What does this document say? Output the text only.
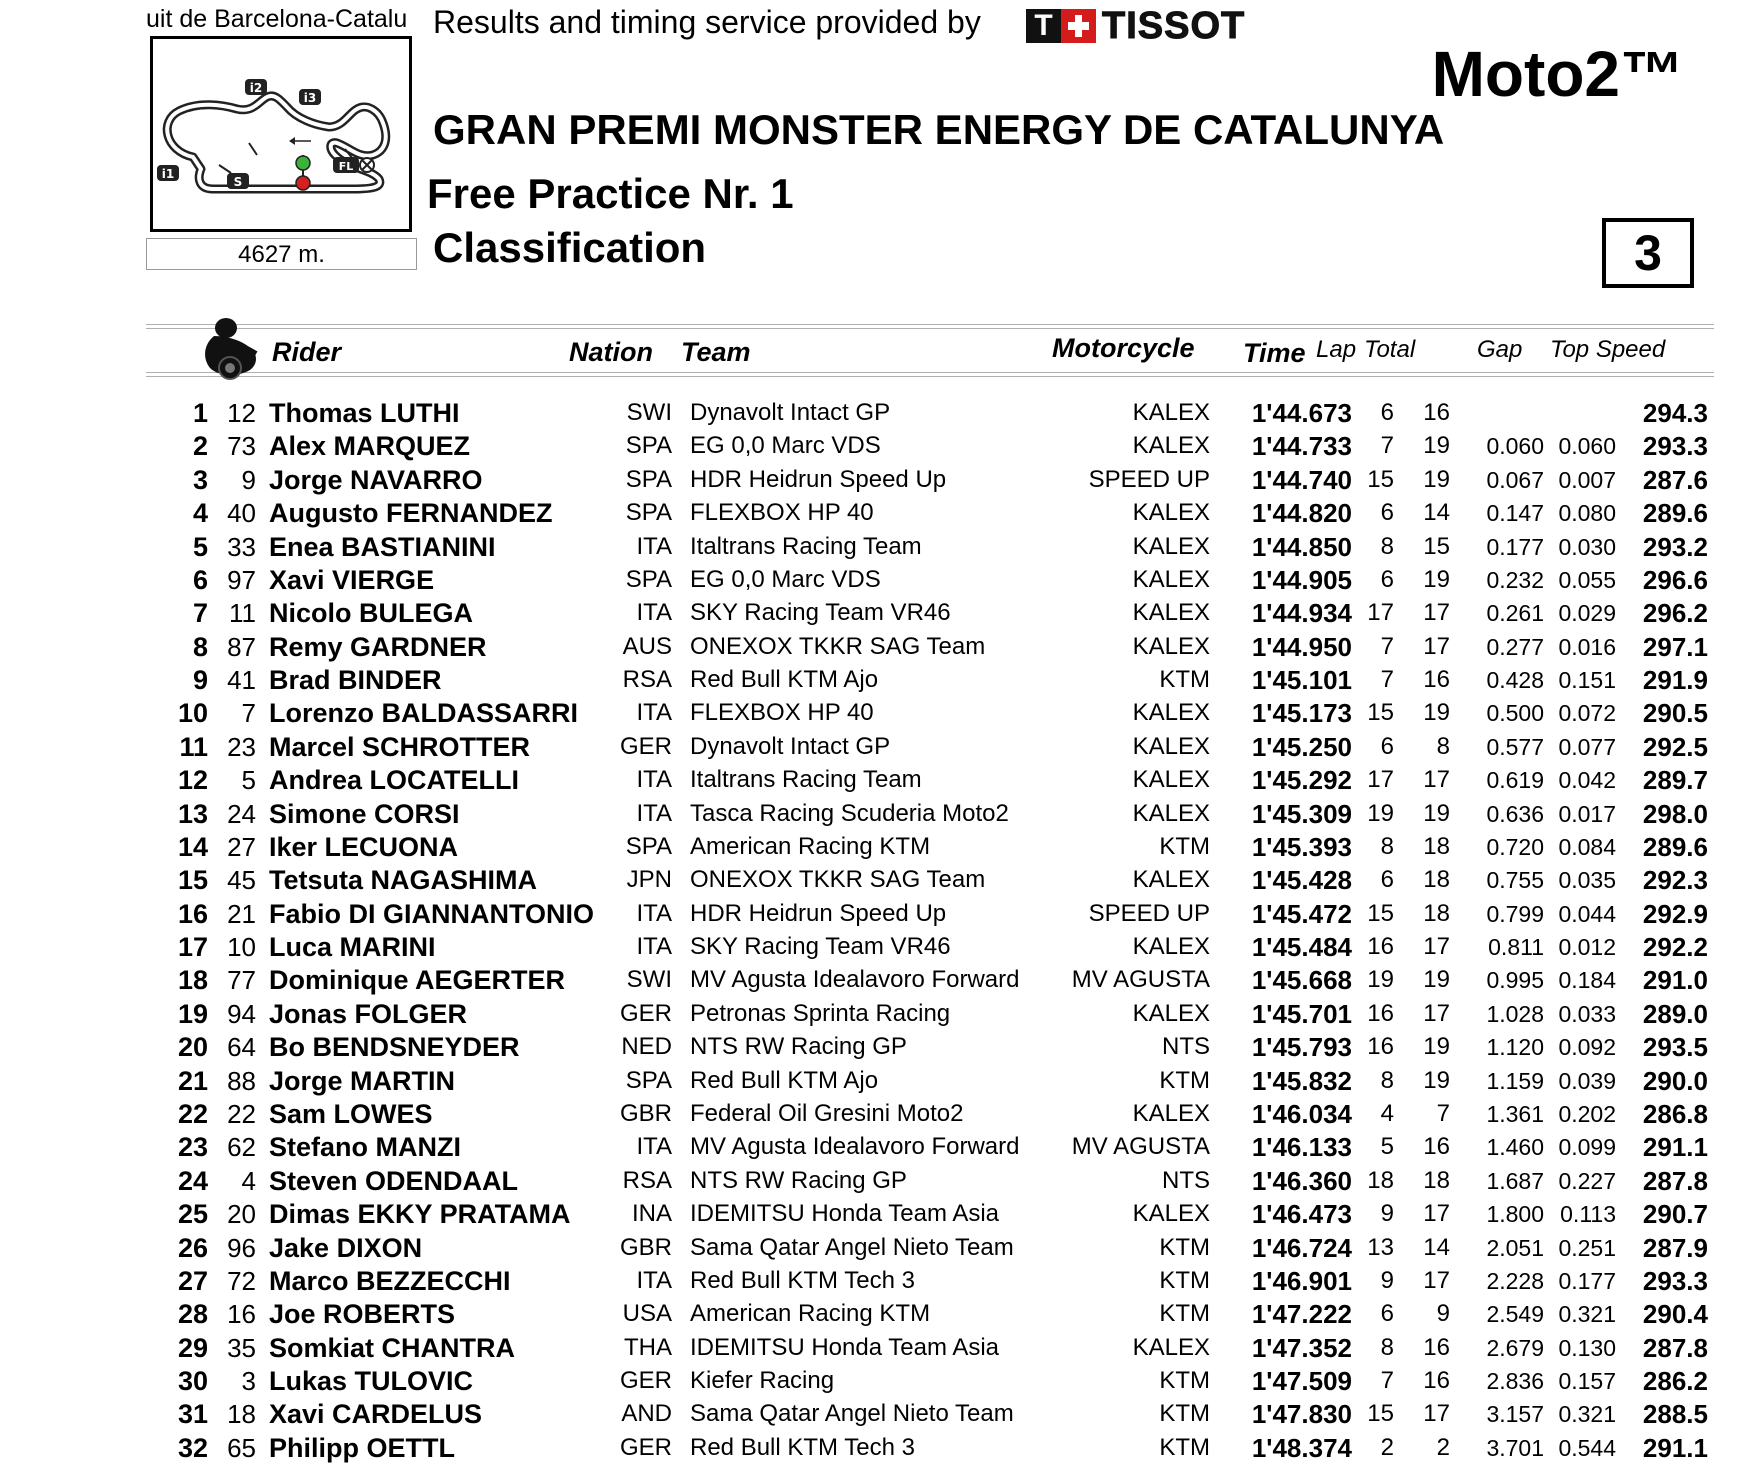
uit de Barcelona-Catalu
i1
i2
i3
S
FL
4627 m.
Results and timing service provided by T TISSOT
Moto2™
GRAN PREMI MONSTER ENERGY DE CATALUNYA
Free Practice Nr. 1
Classification	3
Rider	Nation Team	Motorcycle Time Lap Total	Gap Top Speed
1 12 Thomas LUTHI	SWI Dynavolt Intact GP	KALEX	1'44.673	6	16	294.3
2 73 Alex MARQUEZ	SPA EG 0,0 Marc VDS	KALEX	1'44.733	7	19	0.060 0.060	293.3
3	9 Jorge NAVARRO	SPA HDR Heidrun Speed Up	SPEED UP	1'44.740 15	19	0.067 0.007	287.6
4 40 Augusto FERNANDEZ	SPA FLEXBOX HP 40	KALEX	1'44.820	6	14	0.147 0.080	289.6
5 33 Enea BASTIANINI	ITA Italtrans Racing Team	KALEX	1'44.850	8	15	0.177 0.030	293.2
6 97 Xavi VIERGE	SPA EG 0,0 Marc VDS	KALEX	1'44.905	6	19	0.232 0.055	296.6
7 11 Nicolo BULEGA	ITA SKY Racing Team VR46	KALEX	1'44.934 17	17	0.261 0.029	296.2
8 87 Remy GARDNER	AUS ONEXOX TKKR SAG Team	KALEX	1'44.950	7	17	0.277 0.016	297.1
9 41 Brad BINDER	RSA Red Bull KTM Ajo	KTM	1'45.101	7	16	0.428 0.151	291.9
10	7 Lorenzo BALDASSARRI	ITA FLEXBOX HP 40	KALEX	1'45.173 15	19	0.500 0.072	290.5
11 23 Marcel SCHROTTER	GER Dynavolt Intact GP	KALEX	1'45.250	6	8	0.577 0.077	292.5
12	5 Andrea LOCATELLI	ITA Italtrans Racing Team	KALEX	1'45.292 17	17	0.619 0.042	289.7
13 24 Simone CORSI	ITA Tasca Racing Scuderia Moto2	KALEX	1'45.309 19	19	0.636 0.017	298.0
14 27 Iker LECUONA	SPA American Racing KTM	KTM	1'45.393	8	18	0.720 0.084	289.6
15 45 Tetsuta NAGASHIMA	JPN ONEXOX TKKR SAG Team	KALEX	1'45.428	6	18	0.755 0.035	292.3
16 21 Fabio DI GIANNANTONIO	ITA HDR Heidrun Speed Up	SPEED UP	1'45.472 15	18	0.799 0.044	292.9
17 10 Luca MARINI	ITA SKY Racing Team VR46	KALEX	1'45.484 16	17	0.811 0.012	292.2
18 77 Dominique AEGERTER	SWI MV Agusta Idealavoro Forward	MV AGUSTA	1'45.668 19	19	0.995 0.184	291.0
19 94 Jonas FOLGER	GER Petronas Sprinta Racing	KALEX	1'45.701 16	17	1.028 0.033	289.0
20 64 Bo BENDSNEYDER	NED NTS RW Racing GP	NTS	1'45.793 16	19	1.120 0.092	293.5
21 88 Jorge MARTIN	SPA Red Bull KTM Ajo	KTM	1'45.832	8	19	1.159 0.039	290.0
22 22 Sam LOWES	GBR Federal Oil Gresini Moto2	KALEX	1'46.034	4	7	1.361 0.202	286.8
23 62 Stefano MANZI	ITA MV Agusta Idealavoro Forward	MV AGUSTA	1'46.133	5	16	1.460 0.099	291.1
24	4 Steven ODENDAAL	RSA NTS RW Racing GP	NTS	1'46.360 18	18	1.687 0.227	287.8
25 20 Dimas EKKY PRATAMA	INA IDEMITSU Honda Team Asia	KALEX	1'46.473	9	17	1.800 0.113	290.7
26 96 Jake DIXON	GBR Sama Qatar Angel Nieto Team	KTM	1'46.724 13	14	2.051 0.251	287.9
27 72 Marco BEZZECCHI	ITA Red Bull KTM Tech 3	KTM	1'46.901	9	17	2.228 0.177	293.3
28 16 Joe ROBERTS	USA American Racing KTM	KTM	1'47.222	6	9	2.549 0.321	290.4
29 35 Somkiat CHANTRA	THA IDEMITSU Honda Team Asia	KALEX	1'47.352	8	16	2.679 0.130	287.8
30	3 Lukas TULOVIC	GER Kiefer Racing	KTM	1'47.509	7	16	2.836 0.157	286.2
31 18 Xavi CARDELUS	AND Sama Qatar Angel Nieto Team	KTM	1'47.830 15	17	3.157 0.321	288.5
32 65 Philipp OETTL	GER Red Bull KTM Tech 3	KTM	1'48.374	2	2	3.701 0.544	291.1
